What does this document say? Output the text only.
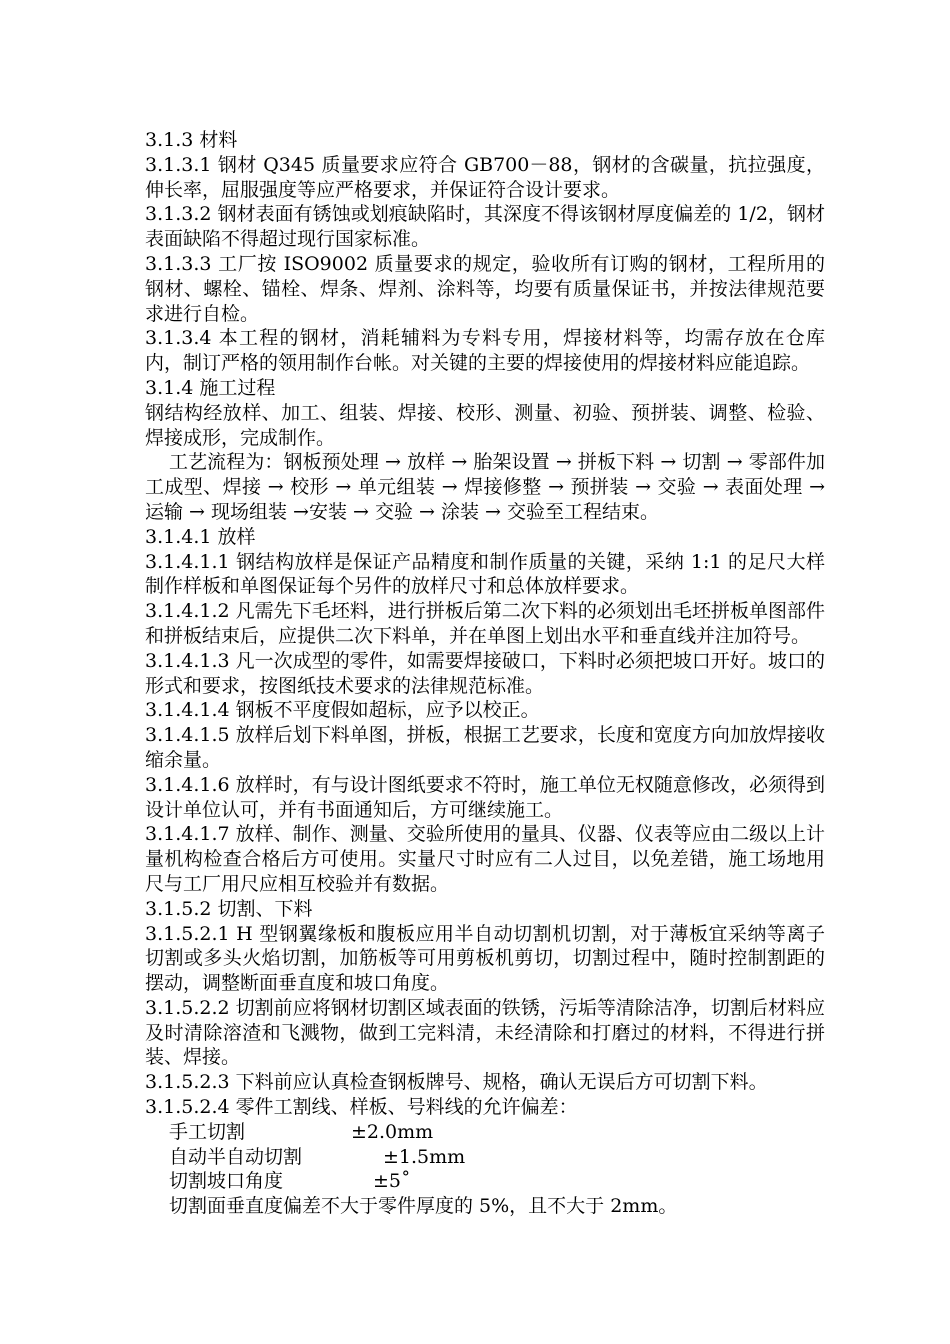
3.1.3 材料

3.1.3.1 钢材 Q345 质量要求应符合 GB700－88，钢材的含碳量，抗拉强度，伸长率，屈服强度等应严格要求，并保证符合设计要求。

3.1.3.2 钢材表面有锈蚀或划痕缺陷时，其深度不得该钢材厚度偏差的 1/2，钢材表面缺陷不得超过现行国家标准。

3.1.3.3 工厂按 ISO9002 质量要求的规定，验收所有订购的钢材，工程所用的钢材、螺栓、锚栓、焊条、焊剂、涂料等，均要有质量保证书，并按法律规范要求进行自检。

3.1.3.4 本工程的钢材，消耗辅料为专料专用，焊接材料等，均需存放在仓库内，制订严格的领用制作台帐。对关键的主要的焊接使用的焊接材料应能追踪。

3.1.4 施工过程

钢结构经放样、加工、组装、焊接、校形、测量、初验、预拼装、调整、检验、焊接成形，完成制作。

工艺流程为：钢板预处理 → 放样 → 胎架设置 → 拼板下料 → 切割 → 零部件加工成型、焊接 → 校形 → 单元组装 → 焊接修整 → 预拼装 → 交验 → 表面处理 → 运输 → 现场组装 →安装 → 交验 → 涂装 → 交验至工程结束。

3.1.4.1 放样

3.1.4.1.1 钢结构放样是保证产品精度和制作质量的关键，采纳 1:1 的足尺大样制作样板和单图保证每个另件的放样尺寸和总体放样要求。

3.1.4.1.2 凡需先下毛坯料，进行拼板后第二次下料的必须划出毛坯拼板单图部件和拼板结束后，应提供二次下料单，并在单图上划出水平和垂直线并注加符号。

3.1.4.1.3 凡一次成型的零件，如需要焊接破口，下料时必须把坡口开好。坡口的形式和要求，按图纸技术要求的法律规范标准。

3.1.4.1.4 钢板不平度假如超标，应予以校正。

3.1.4.1.5 放样后划下料单图，拼板，根据工艺要求，长度和宽度方向加放焊接收缩余量。

3.1.4.1.6 放样时，有与设计图纸要求不符时，施工单位无权随意修改，必须得到设计单位认可，并有书面通知后，方可继续施工。

3.1.4.1.7 放样、制作、测量、交验所使用的量具、仪器、仪表等应由二级以上计量机构检查合格后方可使用。实量尺寸时应有二人过目，以免差错，施工场地用尺与工厂用尺应相互校验并有数据。

3.1.5.2 切割、下料

3.1.5.2.1 H 型钢翼缘板和腹板应用半自动切割机切割，对于薄板宜采纳等离子切割或多头火焰切割，加筋板等可用剪板机剪切，切割过程中，随时控制割距的摆动，调整断面垂直度和坡口角度。

3.1.5.2.2 切割前应将钢材切割区域表面的铁锈，污垢等清除洁净，切割后材料应及时清除溶渣和飞溅物，做到工完料清，未经清除和打磨过的材料，不得进行拼装、焊接。

3.1.5.2.3 下料前应认真检查钢板牌号、规格，确认无误后方可切割下料。

3.1.5.2.4 零件工割线、样板、号料线的允许偏差：

手工切割	±2.0mm
自动半自动切割	±1.5mm
切割坡口角度	±5˚

切割面垂直度偏差不大于零件厚度的 5%，且不大于 2mm。
